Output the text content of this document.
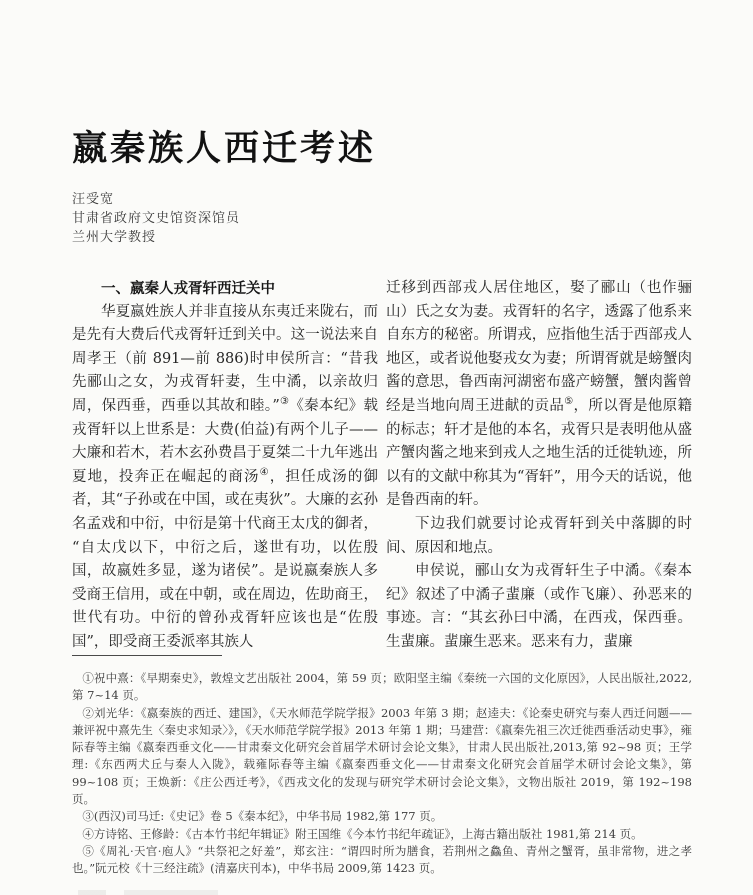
嬴秦族人西迁考述
汪受宽
甘肃省政府文史馆资深馆员
兰州大学教授

一、嬴秦人戎胥轩西迁关中

华夏嬴姓族人并非直接从东夷迁来陇右，而是先有大费后代戎胥轩迁到关中。这一说法来自周孝王（前 891—前 886)时申侯所言：“昔我先郦山之女，为戎胥轩妻，生中潏，以亲故归周，保西垂，西垂以其故和睦。”③《秦本纪》载戎胥轩以上世系是：大费(伯益)有两个儿子——大廉和若木，若木玄孙费昌于夏桀二十九年逃出夏地，投奔正在崛起的商汤④，担任成汤的御者，其“子孙或在中国，或在夷狄”。大廉的玄孙名孟戏和中衍，中衍是第十代商王太戊的御者，“自太戊以下，中衍之后，遂世有功，以佐殷国，故嬴姓多显，遂为诸侯”。是说嬴秦族人多受商王信用，或在中朝，或在周边，佐助商王，世代有功。中衍的曾孙戎胥轩应该也是“佐殷国”，即受商王委派率其族人

迁移到西部戎人居住地区，娶了郦山（也作骊山）氏之女为妻。戎胥轩的名字，透露了他系来自东方的秘密。所谓戎，应指他生活于西部戎人地区，或者说他娶戎女为妻；所谓胥就是螃蟹肉酱的意思，鲁西南河湖密布盛产螃蟹，蟹肉酱曾经是当地向周王进献的贡品⑤，所以胥是他原籍的标志；轩才是他的本名，戎胥只是表明他从盛产蟹肉酱之地来到戎人之地生活的迁徙轨迹，所以有的文献中称其为“胥轩”，用今天的话说，他是鲁西南的轩。

下边我们就要讨论戎胥轩到关中落脚的时间、原因和地点。

申侯说，郦山女为戎胥轩生子中潏。《秦本纪》叙述了中潏子蜚廉（或作飞廉）、孙恶来的事迹。言：“其玄孙曰中潏，在西戎，保西垂。生蜚廉。蜚廉生恶来。恶来有力，蜚廉

①祝中熹：《早期秦史》，敦煌文艺出版社 2004，第 59 页；欧阳坚主编《秦统一六国的文化原因》，人民出版社,2022,第 7~14 页。

②刘光华：《嬴秦族的西迁、建国》，《天水师范学院学报》2003 年第 3 期；赵逵夫：《论秦史研究与秦人西迁问题——兼评祝中熹先生〈秦史求知录〉》，《天水师范学院学报》2013 年第 1 期；马建营：《嬴秦先祖三次迁徙西垂活动史事》，雍际春等主编《嬴秦西垂文化——甘肃秦文化研究会首届学术研讨会论文集》，甘肃人民出版社,2013,第 92~98 页；王学理:《东西两犬丘与秦人入陇》，载雍际春等主编《嬴秦西垂文化——甘肃秦文化研究会首届学术研讨会论文集》，第 99~108 页；王焕新：《庄公西迁考》，《西戎文化的发现与研究学术研讨会论文集》，文物出版社 2019，第 192~198 页。

③(西汉)司马迁:《史记》卷 5《秦本纪》，中华书局 1982,第 177 页。

④方诗铭、王修龄：《古本竹书纪年辑证》附王国维《今本竹书纪年疏证》，上海古籍出版社 1981,第 214 页。

⑤《周礼·天官·庖人》“共祭祀之好羞”，郑玄注：“谓四时所为膳食，若荆州之鱻鱼、青州之蟹胥，虽非常物，进之孝也。”阮元校《十三经注疏》(清嘉庆刊本)，中华书局 2009,第 1423 页。
